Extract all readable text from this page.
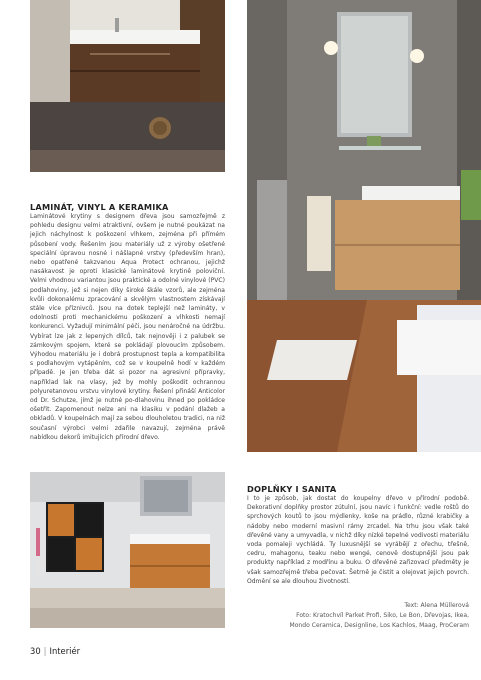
LAMINÁT, VINYL A KERAMIKA

Laminátové krytiny s designem dřeva jsou samozřejmě z pohledu designu velmi atraktivní, ovšem je nutné poukázat na jejich náchylnost k poškození vlhkem, zejména při přímém působení vody. Řešením jsou materiály už z výroby ošetřené speciální úpravou nosné i nášlapné vrstvy (především hran), nebo opatřené takzvanou Aqua Protect ochranou, jejichž nasákavost je oproti klasické laminátové krytině poloviční. Velmi vhodnou variantou jsou praktické a odolné vinylové (PVC) podlahoviny, jež si nejen díky široké škále vzorů, ale zejména kvůli dokonalému zpracování a skvělým vlastnostem získávají stále více příznivců. Jsou na dotek teplejší než lamináty, v odolnosti proti mechanickému poškození a vlhkosti nemají konkurenci. Vyžadují minimální péči, jsou nenáročné na údržbu. Vybírat lze jak z lepených dílců, tak nejnověji i z palubek se zámkovým spojem, které se pokládají plovoucím způsobem. Výhodou materiálu je i dobrá prostupnost tepla a kompatibilita s podlahovým vytápěním, což se v koupelně hodí v každém případě. Je jen třeba dát si pozor na agresivní přípravky, například lak na vlasy, jež by mohly poškodit ochrannou polyuretanovou vrstvu vinylové krytiny. Řešení přináší Anticolor od Dr. Schutze, jímž je nutné po-dlahovinu ihned po pokládce ošetřit. Zapomenout nelze ani na klasiku v podání dlažeb a obkladů. V koupelnách mají za sebou dlouholetou tradici, na niž současní výrobci velmi zdařile navazují, zejména právě nabídkou dekorů imitujících přírodní dřevo.

DOPLŇKY I SANITA

I to je způsob, jak dostat do koupelny dřevo v přírodní podobě. Dekorativní doplňky prostor zútulní, jsou navíc i funkční: vedle roštů do sprchových koutů to jsou mýdlenky, koše na prádlo, různé krabičky a nádoby nebo moderní masivní rámy zrcadel. Na trhu jsou však také dřevěné vany a umyvadla, v nichž díky nízké tepelné vodivosti materiálu voda pomaleji vychládá. Ty luxusnější se vyrábějí z ořechu, třešně, cedru, mahagonu, teaku nebo wengé, cenově dostupnější jsou pak produkty například z modřínu a buku. O dřevěné zařizovací předměty je však samozřejmě třeba pečovat. Šetrně je čistit a olejovat jejich povrch. Odmění se ale dlouhou životností.

Text: Alena Müllerová
Foto: Kratochvíl Parket Profi, Siko, Le Bon, Dřevojas, Ikea,
Mondo Ceramica, Designline, Los Kachlos, Maag, ProCeram
30 | Interiér
